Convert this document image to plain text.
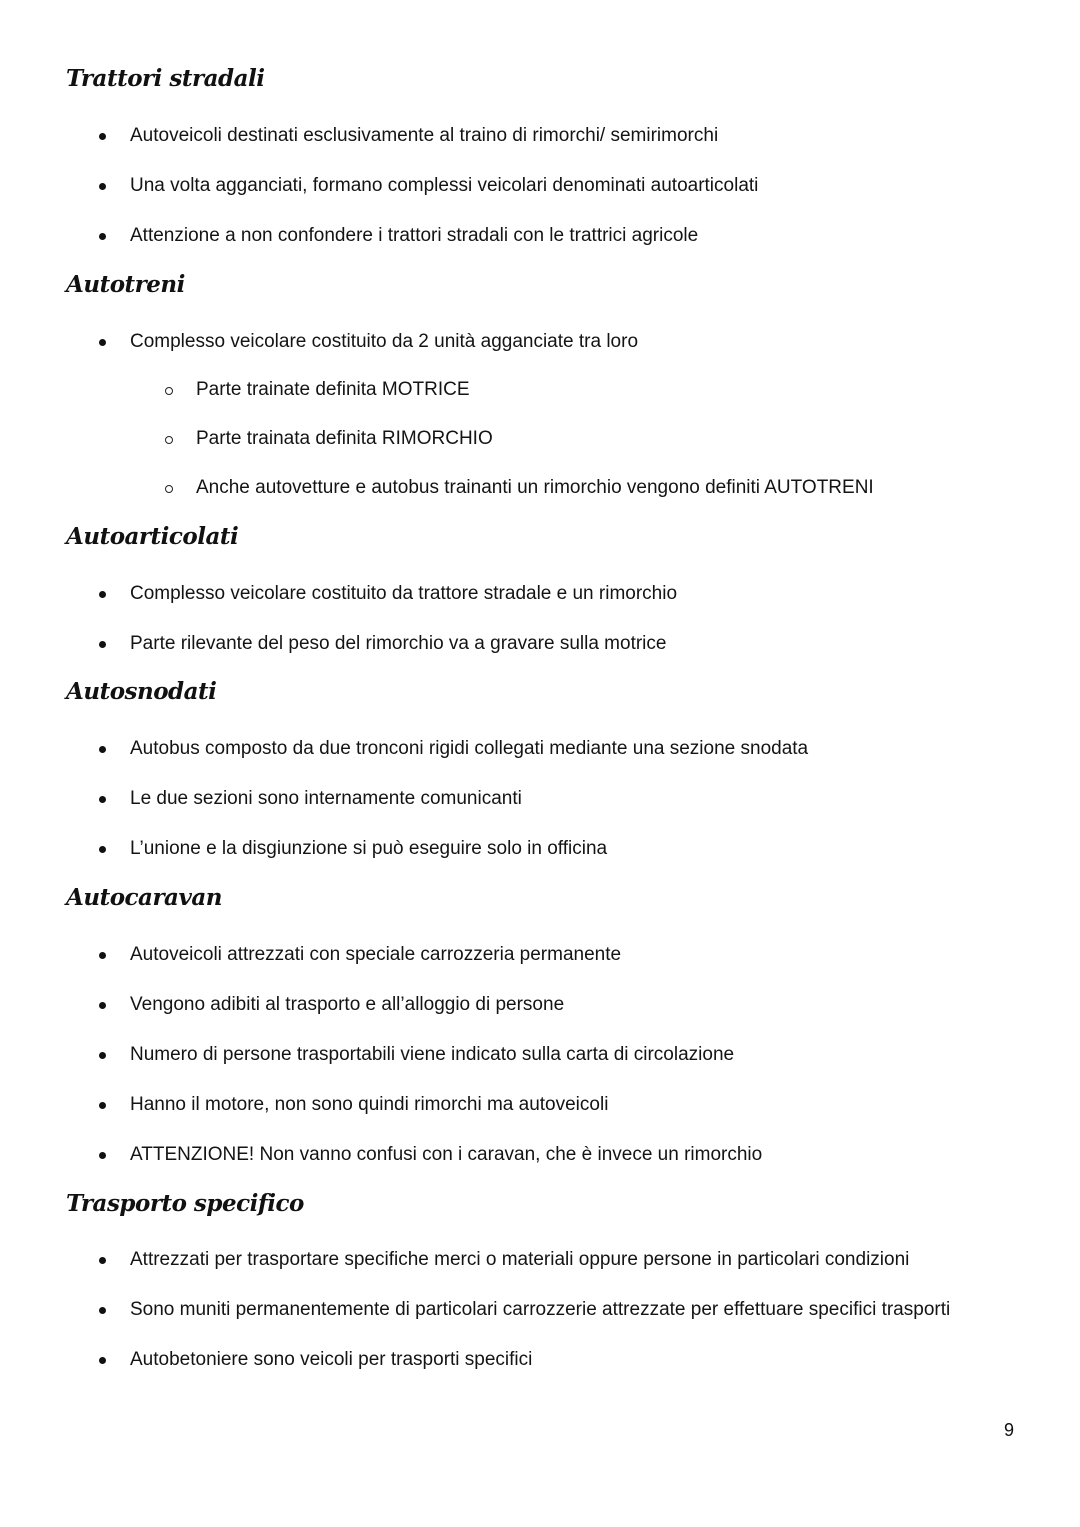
Trattori stradali
Autoveicoli destinati esclusivamente al traino di rimorchi/ semirimorchi
Una volta agganciati, formano complessi veicolari denominati autoarticolati
Attenzione a non confondere i trattori stradali con le trattrici agricole
Autotreni
Complesso veicolare costituito da 2 unità agganciate tra loro
Parte trainate definita MOTRICE
Parte trainata definita RIMORCHIO
Anche autovetture e autobus trainanti un rimorchio vengono definiti AUTOTRENI
Autoarticolati
Complesso veicolare costituito da trattore stradale e un rimorchio
Parte rilevante del peso del rimorchio va a gravare sulla motrice
Autosnodati
Autobus composto da due tronconi rigidi collegati mediante una sezione snodata
Le due sezioni sono internamente comunicanti
L’unione e la disgiunzione si può eseguire solo in officina
Autocaravan
Autoveicoli attrezzati con speciale carrozzeria permanente
Vengono adibiti al trasporto e all’alloggio di persone
Numero di persone trasportabili viene indicato sulla carta di circolazione
Hanno il motore, non sono quindi rimorchi ma autoveicoli
ATTENZIONE! Non vanno confusi con i caravan, che è invece un rimorchio
Trasporto specifico
Attrezzati per trasportare specifiche merci o materiali oppure persone in particolari condizioni
Sono muniti permanentemente di particolari carrozzerie attrezzate per effettuare specifici trasporti
Autobetoniere sono veicoli per trasporti specifici
9
